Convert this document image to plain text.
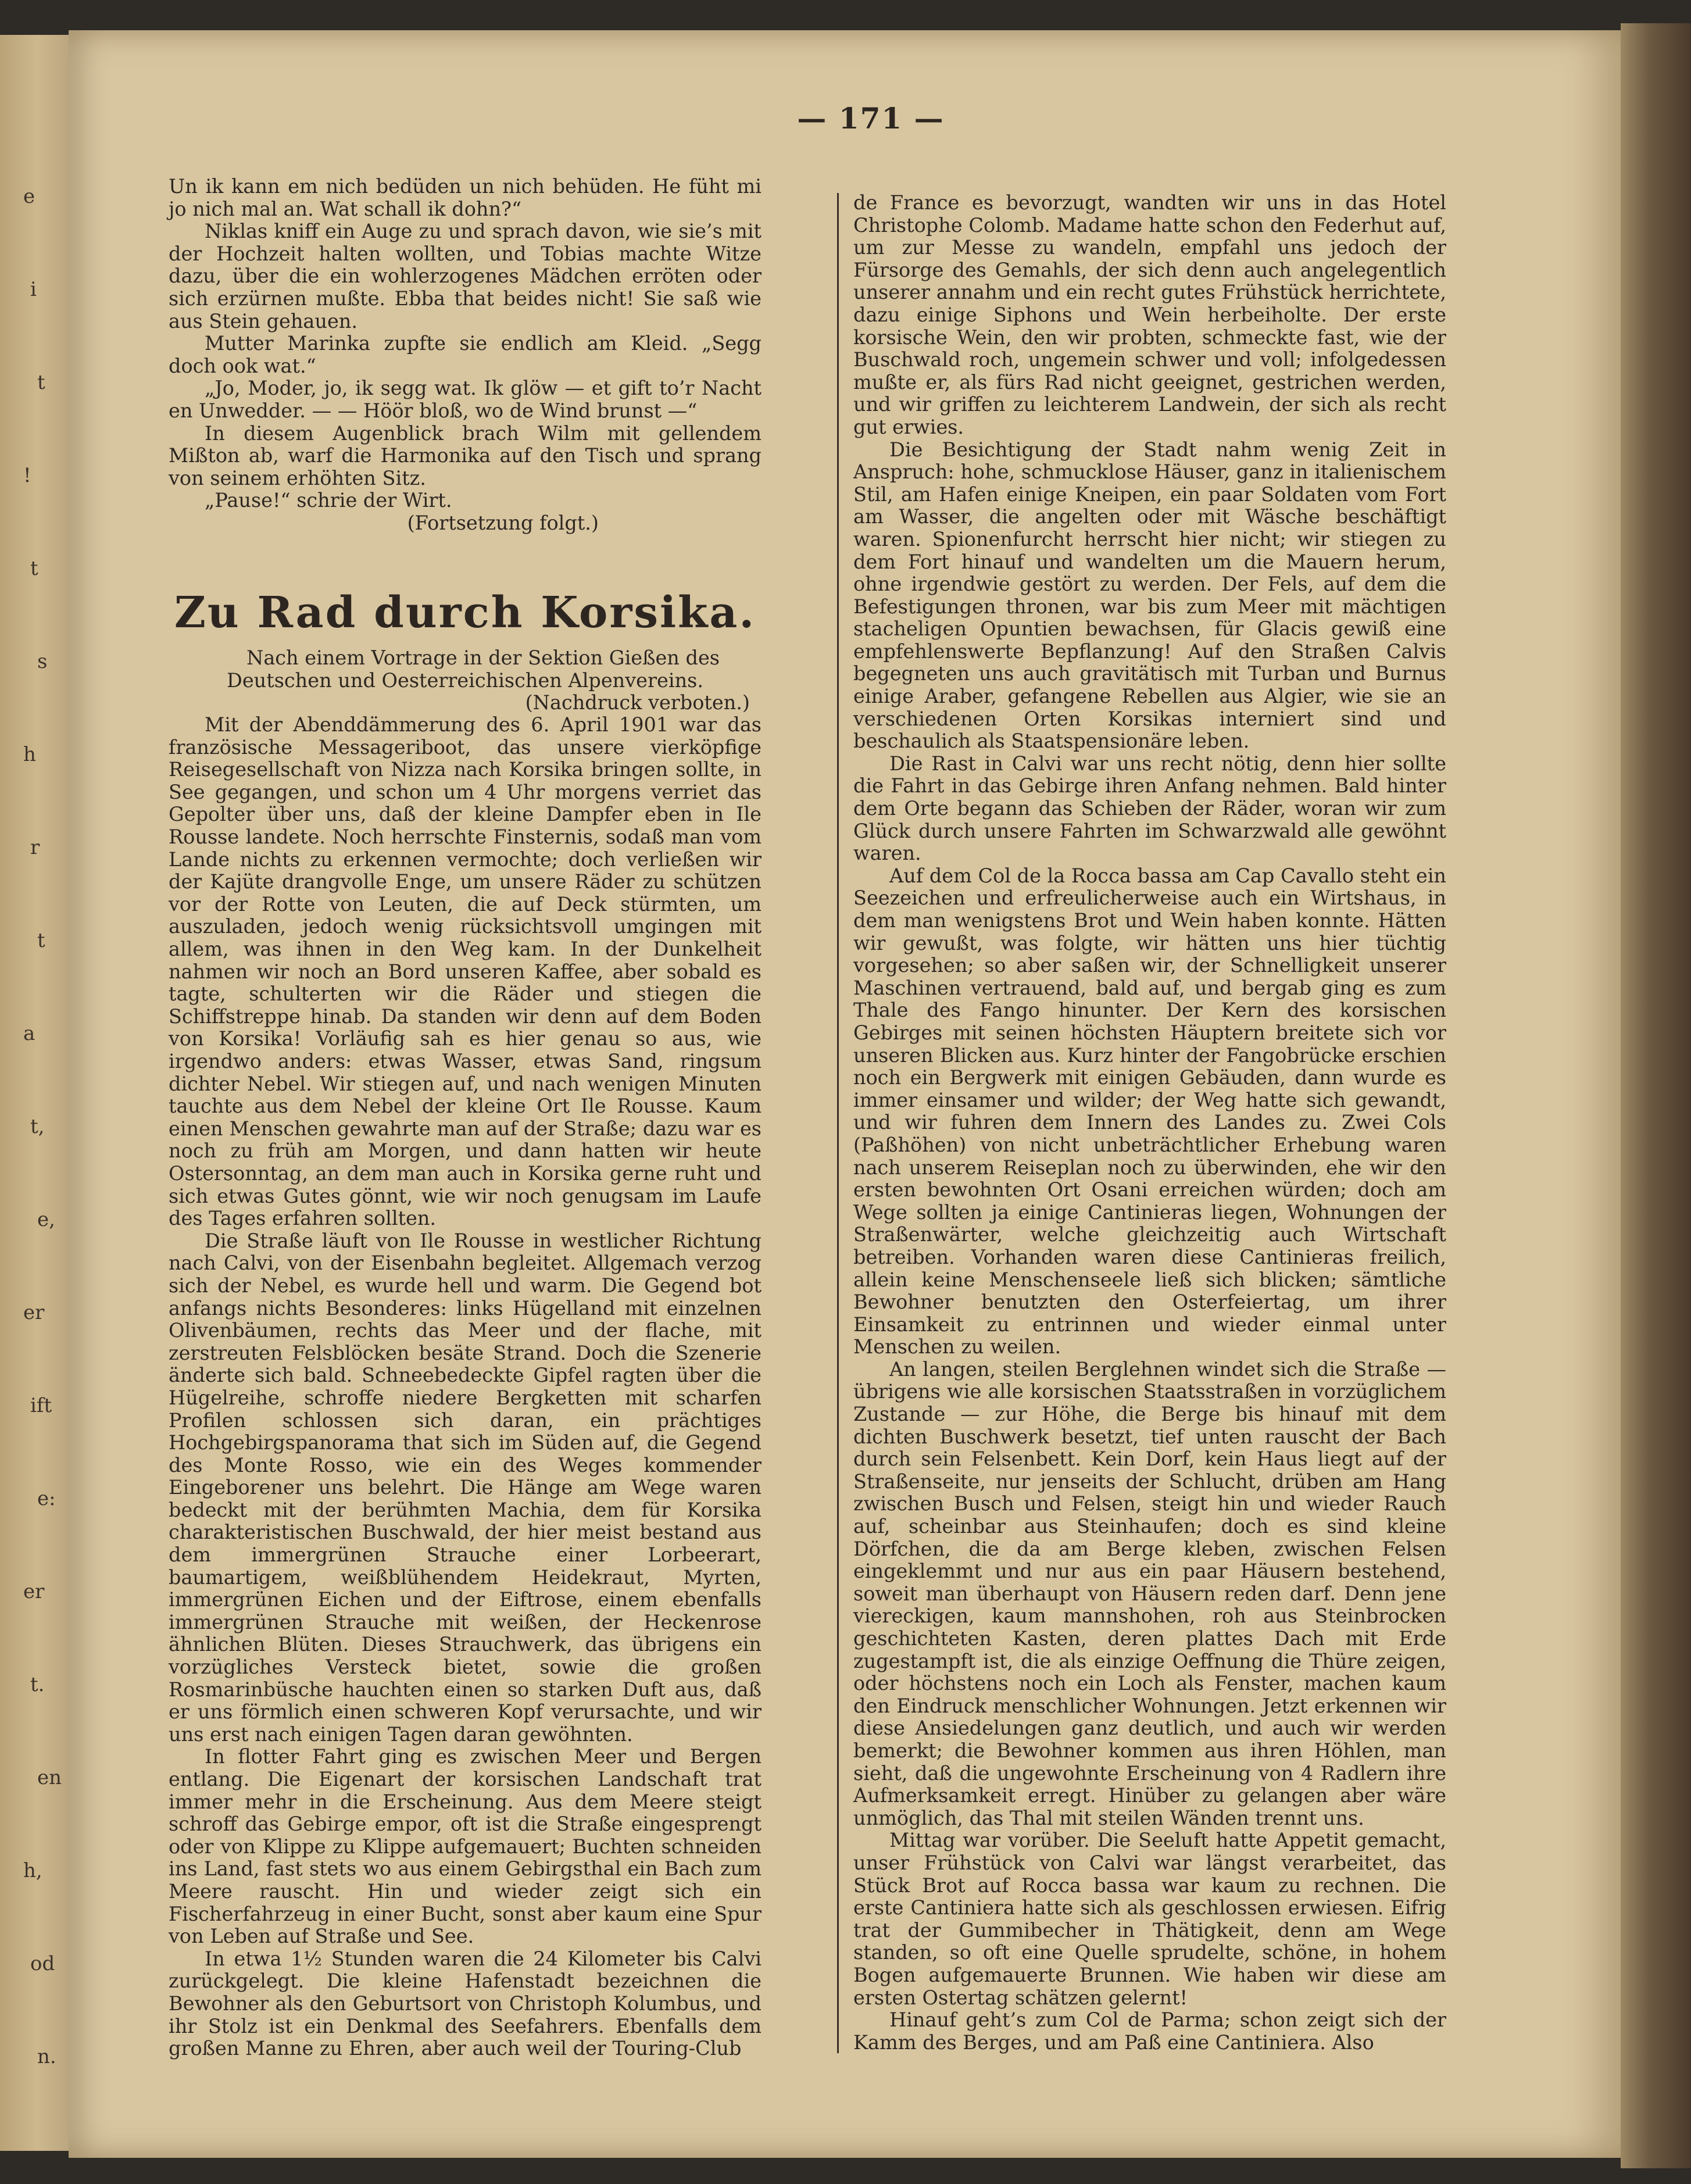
e
i
t
!
t
s
h
r
t
a
t,
e,
er
ift
e:
er
t.
en
h,
od
n.

— 171 —

Un ik kann em nich bedüden un nich behüden. He füht mi jo nich mal an. Wat schall ik dohn?“

Niklas kniff ein Auge zu und sprach davon, wie sie’s mit der Hochzeit halten wollten, und Tobias machte Witze dazu, über die ein wohlerzogenes Mädchen erröten oder sich erzürnen mußte. Ebba that beides nicht! Sie saß wie aus Stein gehauen.

Mutter Marinka zupfte sie endlich am Kleid. „Segg doch ook wat.“

„Jo, Moder, jo, ik segg wat. Ik glöw — et gift to’r Nacht en Unwedder. — — Höör bloß, wo de Wind brunst —“

In diesem Augenblick brach Wilm mit gellendem Mißton ab, warf die Harmonika auf den Tisch und sprang von seinem erhöhten Sitz.

„Pause!“ schrie der Wirt.

(Fortsetzung folgt.)

Zu Rad durch Korsika.

Nach einem Vortrage in der Sektion Gießen des Deutschen und Oesterreichischen Alpenvereins.

(Nachdruck verboten.)

Mit der Abenddämmerung des 6. April 1901 war das französische Messageriboot, das unsere vierköpfige Reisegesellschaft von Nizza nach Korsika bringen sollte, in See gegangen, und schon um 4 Uhr morgens verriet das Gepolter über uns, daß der kleine Dampfer eben in Ile Rousse landete. Noch herrschte Finsternis, sodaß man vom Lande nichts zu erkennen vermochte; doch verließen wir der Kajüte drangvolle Enge, um unsere Räder zu schützen vor der Rotte von Leuten, die auf Deck stürmten, um auszuladen, jedoch wenig rücksichtsvoll umgingen mit allem, was ihnen in den Weg kam. In der Dunkelheit nahmen wir noch an Bord unseren Kaffee, aber sobald es tagte, schulterten wir die Räder und stiegen die Schiffstreppe hinab. Da standen wir denn auf dem Boden von Korsika! Vorläufig sah es hier genau so aus, wie irgendwo anders: etwas Wasser, etwas Sand, ringsum dichter Nebel. Wir stiegen auf, und nach wenigen Minuten tauchte aus dem Nebel der kleine Ort Ile Rousse. Kaum einen Menschen gewahrte man auf der Straße; dazu war es noch zu früh am Morgen, und dann hatten wir heute Ostersonntag, an dem man auch in Korsika gerne ruht und sich etwas Gutes gönnt, wie wir noch genugsam im Laufe des Tages erfahren sollten.

Die Straße läuft von Ile Rousse in westlicher Richtung nach Calvi, von der Eisenbahn begleitet. Allgemach verzog sich der Nebel, es wurde hell und warm. Die Gegend bot anfangs nichts Besonderes: links Hügelland mit einzelnen Olivenbäumen, rechts das Meer und der flache, mit zerstreuten Felsblöcken besäte Strand. Doch die Szenerie änderte sich bald. Schneebedeckte Gipfel ragten über die Hügelreihe, schroffe niedere Bergketten mit scharfen Profilen schlossen sich daran, ein prächtiges Hochgebirgspanorama that sich im Süden auf, die Gegend des Monte Rosso, wie ein des Weges kommender Eingeborener uns belehrt. Die Hänge am Wege waren bedeckt mit der berühmten Machia, dem für Korsika charakteristischen Buschwald, der hier meist bestand aus dem immergrünen Strauche einer Lorbeerart, baumartigem, weißblühendem Heidekraut, Myrten, immergrünen Eichen und der Eiftrose, einem ebenfalls immergrünen Strauche mit weißen, der Heckenrose ähnlichen Blüten. Dieses Strauchwerk, das übrigens ein vorzügliches Versteck bietet, sowie die großen Rosmarinbüsche hauchten einen so starken Duft aus, daß er uns förmlich einen schweren Kopf verursachte, und wir uns erst nach einigen Tagen daran gewöhnten.

In flotter Fahrt ging es zwischen Meer und Bergen entlang. Die Eigenart der korsischen Landschaft trat immer mehr in die Erscheinung. Aus dem Meere steigt schroff das Gebirge empor, oft ist die Straße eingesprengt oder von Klippe zu Klippe aufgemauert; Buchten schneiden ins Land, fast stets wo aus einem Gebirgsthal ein Bach zum Meere rauscht. Hin und wieder zeigt sich ein Fischerfahrzeug in einer Bucht, sonst aber kaum eine Spur von Leben auf Straße und See.

In etwa 1½ Stunden waren die 24 Kilometer bis Calvi zurückgelegt. Die kleine Hafenstadt bezeichnen die Bewohner als den Geburtsort von Christoph Kolumbus, und ihr Stolz ist ein Denkmal des Seefahrers. Ebenfalls dem großen Manne zu Ehren, aber auch weil der Touring-Club

de France es bevorzugt, wandten wir uns in das Hotel Christophe Colomb. Madame hatte schon den Federhut auf, um zur Messe zu wandeln, empfahl uns jedoch der Fürsorge des Gemahls, der sich denn auch angelegentlich unserer annahm und ein recht gutes Frühstück herrichtete, dazu einige Siphons und Wein herbeiholte. Der erste korsische Wein, den wir probten, schmeckte fast, wie der Buschwald roch, ungemein schwer und voll; infolgedessen mußte er, als fürs Rad nicht geeignet, gestrichen werden, und wir griffen zu leichterem Landwein, der sich als recht gut erwies.

Die Besichtigung der Stadt nahm wenig Zeit in Anspruch: hohe, schmucklose Häuser, ganz in italienischem Stil, am Hafen einige Kneipen, ein paar Soldaten vom Fort am Wasser, die angelten oder mit Wäsche beschäftigt waren. Spionenfurcht herrscht hier nicht; wir stiegen zu dem Fort hinauf und wandelten um die Mauern herum, ohne irgendwie gestört zu werden. Der Fels, auf dem die Befestigungen thronen, war bis zum Meer mit mächtigen stacheligen Opuntien bewachsen, für Glacis gewiß eine empfehlenswerte Bepflanzung! Auf den Straßen Calvis begegneten uns auch gravitätisch mit Turban und Burnus einige Araber, gefangene Rebellen aus Algier, wie sie an verschiedenen Orten Korsikas interniert sind und beschaulich als Staatspensionäre leben.

Die Rast in Calvi war uns recht nötig, denn hier sollte die Fahrt in das Gebirge ihren Anfang nehmen. Bald hinter dem Orte begann das Schieben der Räder, woran wir zum Glück durch unsere Fahrten im Schwarzwald alle gewöhnt waren.

Auf dem Col de la Rocca bassa am Cap Cavallo steht ein Seezeichen und erfreulicherweise auch ein Wirtshaus, in dem man wenigstens Brot und Wein haben konnte. Hätten wir gewußt, was folgte, wir hätten uns hier tüchtig vorgesehen; so aber saßen wir, der Schnelligkeit unserer Maschinen vertrauend, bald auf, und bergab ging es zum Thale des Fango hinunter. Der Kern des korsischen Gebirges mit seinen höchsten Häuptern breitete sich vor unseren Blicken aus. Kurz hinter der Fangobrücke erschien noch ein Bergwerk mit einigen Gebäuden, dann wurde es immer einsamer und wilder; der Weg hatte sich gewandt, und wir fuhren dem Innern des Landes zu. Zwei Cols (Paßhöhen) von nicht unbeträchtlicher Erhebung waren nach unserem Reiseplan noch zu überwinden, ehe wir den ersten bewohnten Ort Osani erreichen würden; doch am Wege sollten ja einige Cantinieras liegen, Wohnungen der Straßenwärter, welche gleichzeitig auch Wirtschaft betreiben. Vorhanden waren diese Cantinieras freilich, allein keine Menschenseele ließ sich blicken; sämtliche Bewohner benutzten den Osterfeiertag, um ihrer Einsamkeit zu entrinnen und wieder einmal unter Menschen zu weilen.

An langen, steilen Berglehnen windet sich die Straße — übrigens wie alle korsischen Staatsstraßen in vorzüglichem Zustande — zur Höhe, die Berge bis hinauf mit dem dichten Buschwerk besetzt, tief unten rauscht der Bach durch sein Felsenbett. Kein Dorf, kein Haus liegt auf der Straßenseite, nur jenseits der Schlucht, drüben am Hang zwischen Busch und Felsen, steigt hin und wieder Rauch auf, scheinbar aus Steinhaufen; doch es sind kleine Dörfchen, die da am Berge kleben, zwischen Felsen eingeklemmt und nur aus ein paar Häusern bestehend, soweit man überhaupt von Häusern reden darf. Denn jene viereckigen, kaum mannshohen, roh aus Steinbrocken geschichteten Kasten, deren plattes Dach mit Erde zugestampft ist, die als einzige Oeffnung die Thüre zeigen, oder höchstens noch ein Loch als Fenster, machen kaum den Eindruck menschlicher Wohnungen. Jetzt erkennen wir diese Ansiedelungen ganz deutlich, und auch wir werden bemerkt; die Bewohner kommen aus ihren Höhlen, man sieht, daß die ungewohnte Erscheinung von 4 Radlern ihre Aufmerksamkeit erregt. Hinüber zu gelangen aber wäre unmöglich, das Thal mit steilen Wänden trennt uns.

Mittag war vorüber. Die Seeluft hatte Appetit gemacht, unser Frühstück von Calvi war längst verarbeitet, das Stück Brot auf Rocca bassa war kaum zu rechnen. Die erste Cantiniera hatte sich als geschlossen erwiesen. Eifrig trat der Gummibecher in Thätigkeit, denn am Wege standen, so oft eine Quelle sprudelte, schöne, in hohem Bogen aufgemauerte Brunnen. Wie haben wir diese am ersten Ostertag schätzen gelernt!

Hinauf geht’s zum Col de Parma; schon zeigt sich der Kamm des Berges, und am Paß eine Cantiniera. Also
